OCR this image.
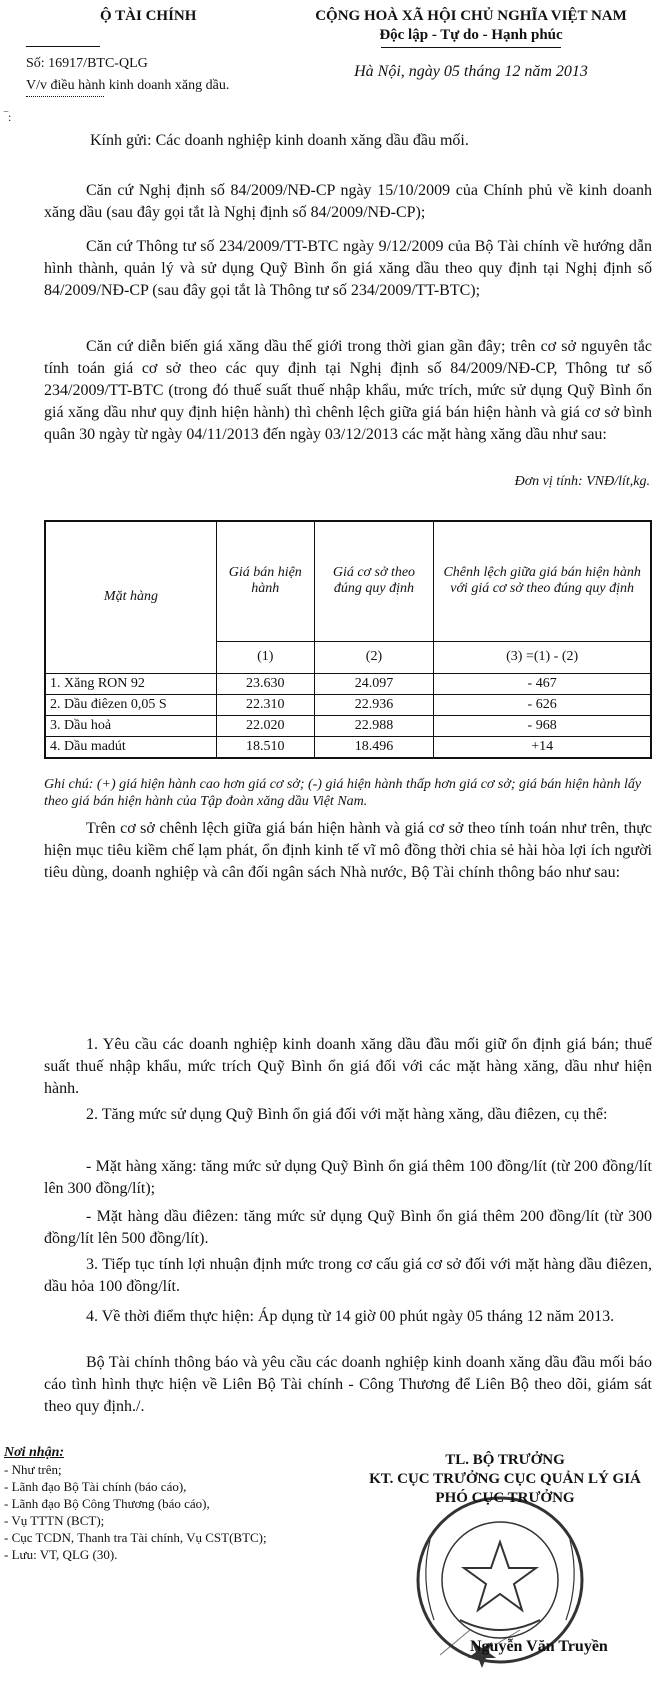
Ộ TÀI CHÍNH
Số: 16917/BTC-QLG
V/v điều hành kinh doanh xăng dầu.
CỘNG HOÀ XÃ HỘI CHỦ NGHĨA VIỆT NAM
Độc lập - Tự do - Hạnh phúc
Hà Nội, ngày 05 tháng 12 năm 2013
‾:
Kính gửi: Các doanh nghiệp kinh doanh xăng dầu đầu mối.

Căn cứ Nghị định số 84/2009/NĐ-CP ngày 15/10/2009 của Chính phủ về kinh doanh xăng dầu (sau đây gọi tắt là Nghị định số 84/2009/NĐ-CP);

Căn cứ Thông tư số 234/2009/TT-BTC ngày 9/12/2009 của Bộ Tài chính về hướng dẫn hình thành, quản lý và sử dụng Quỹ Bình ổn giá xăng dầu theo quy định tại Nghị định số 84/2009/NĐ-CP (sau đây gọi tắt là Thông tư số 234/2009/TT-BTC);

Căn cứ diễn biến giá xăng dầu thế giới trong thời gian gần đây; trên cơ sở nguyên tắc tính toán giá cơ sở theo các quy định tại Nghị định số 84/2009/NĐ-CP, Thông tư số 234/2009/TT-BTC (trong đó thuế suất thuế nhập khẩu, mức trích, mức sử dụng Quỹ Bình ổn giá xăng dầu như quy định hiện hành) thì chênh lệch giữa giá bán hiện hành và giá cơ sở bình quân 30 ngày từ ngày 04/11/2013 đến ngày 03/12/2013 các mặt hàng xăng dầu như sau:

Đơn vị tính: VNĐ/lít,kg.
Mặt hàng	Giá bán hiện hành	Giá cơ sở theo đúng quy định	Chênh lệch giữa giá bán hiện hành với giá cơ sở theo đúng quy định
	(1)	(2)	(3) =(1) - (2)
1. Xăng RON 92	23.630	24.097	- 467
2. Dầu điêzen 0,05 S	22.310	22.936	- 626
3. Dầu hoả	22.020	22.988	- 968
4. Dầu madút	18.510	18.496	+14
Ghi chú: (+) giá hiện hành cao hơn giá cơ sở; (-) giá hiện hành thấp hơn giá cơ sở; giá bán hiện hành lấy theo giá bán hiện hành của Tập đoàn xăng dầu Việt Nam.

Trên cơ sở chênh lệch giữa giá bán hiện hành và giá cơ sở theo tính toán như trên, thực hiện mục tiêu kiềm chế lạm phát, ổn định kinh tế vĩ mô đồng thời chia sẻ hài hòa lợi ích người tiêu dùng, doanh nghiệp và cân đối ngân sách Nhà nước, Bộ Tài chính thông báo như sau:

1. Yêu cầu các doanh nghiệp kinh doanh xăng dầu đầu mối giữ ổn định giá bán; thuế suất thuế nhập khẩu, mức trích Quỹ Bình ổn giá đối với các mặt hàng xăng, dầu như hiện hành.

2. Tăng mức sử dụng Quỹ Bình ổn giá đối với mặt hàng xăng, dầu điêzen, cụ thể:

- Mặt hàng xăng: tăng mức sử dụng Quỹ Bình ổn giá thêm 100 đồng/lít (từ 200 đồng/lít lên 300 đồng/lít);

- Mặt hàng dầu điêzen: tăng mức sử dụng Quỹ Bình ổn giá thêm 200 đồng/lít (từ 300 đồng/lít lên 500 đồng/lít).

3. Tiếp tục tính lợi nhuận định mức trong cơ cấu giá cơ sở đối với mặt hàng dầu điêzen, dầu hỏa 100 đồng/lít.

4. Về thời điểm thực hiện: Áp dụng từ 14 giờ 00 phút ngày 05 tháng 12 năm 2013.

Bộ Tài chính thông báo và yêu cầu các doanh nghiệp kinh doanh xăng dầu đầu mối báo cáo tình hình thực hiện về Liên Bộ Tài chính - Công Thương để Liên Bộ theo dõi, giám sát theo quy định./.

Nơi nhận:
- Như trên;
- Lãnh đạo Bộ Tài chính (báo cáo),
- Lãnh đạo Bộ Công Thương (báo cáo),
- Vụ TTTN (BCT);
- Cục TCDN, Thanh tra Tài chính, Vụ CST(BTC);
- Lưu: VT, QLG (30).
TL. BỘ TRƯỞNG
KT. CỤC TRƯỞNG CỤC QUẢN LÝ GIÁ
PHÓ CỤC TRƯỞNG
Nguyễn Văn Truyền
